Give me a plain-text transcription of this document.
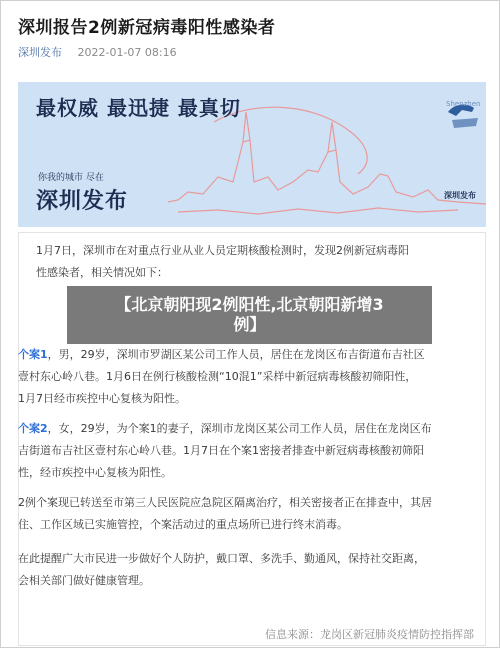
深圳报告2例新冠病毒阳性感染者
深圳发布 2022-01-07 08:16
最权威 最迅捷 最真切
你我的城市 尽在
深圳发布
Shenzhen
深圳发布
1月7日，深圳市在对重点行业从业人员定期核酸检测时，发现2例新冠病毒阳
性感染者，相关情况如下：
个案1，男，29岁，深圳市罗湖区某公司工作人员，居住在龙岗区布吉街道布吉社区
壹村东心岭八巷。1月6日在例行核酸检测“10混1”采样中新冠病毒核酸初筛阳性，
1月7日经市疾控中心复核为阳性。
个案2，女，29岁，为个案1的妻子，深圳市龙岗区某公司工作人员，居住在龙岗区布
吉街道布吉社区壹村东心岭八巷。1月7日在个案1密接者排查中新冠病毒核酸初筛阳
性，经市疾控中心复核为阳性。
2例个案现已转送至市第三人民医院应急院区隔离治疗，相关密接者正在排查中，其居
住、工作区域已实施管控，个案活动过的重点场所已进行终末消毒。
在此提醒广大市民进一步做好个人防护，戴口罩、多洗手、勤通风，保持社交距离，
会相关部门做好健康管理。
信息来源：龙岗区新冠肺炎疫情防控指挥部
【北京朝阳现2例阳性,北京朝阳新增3
例】
